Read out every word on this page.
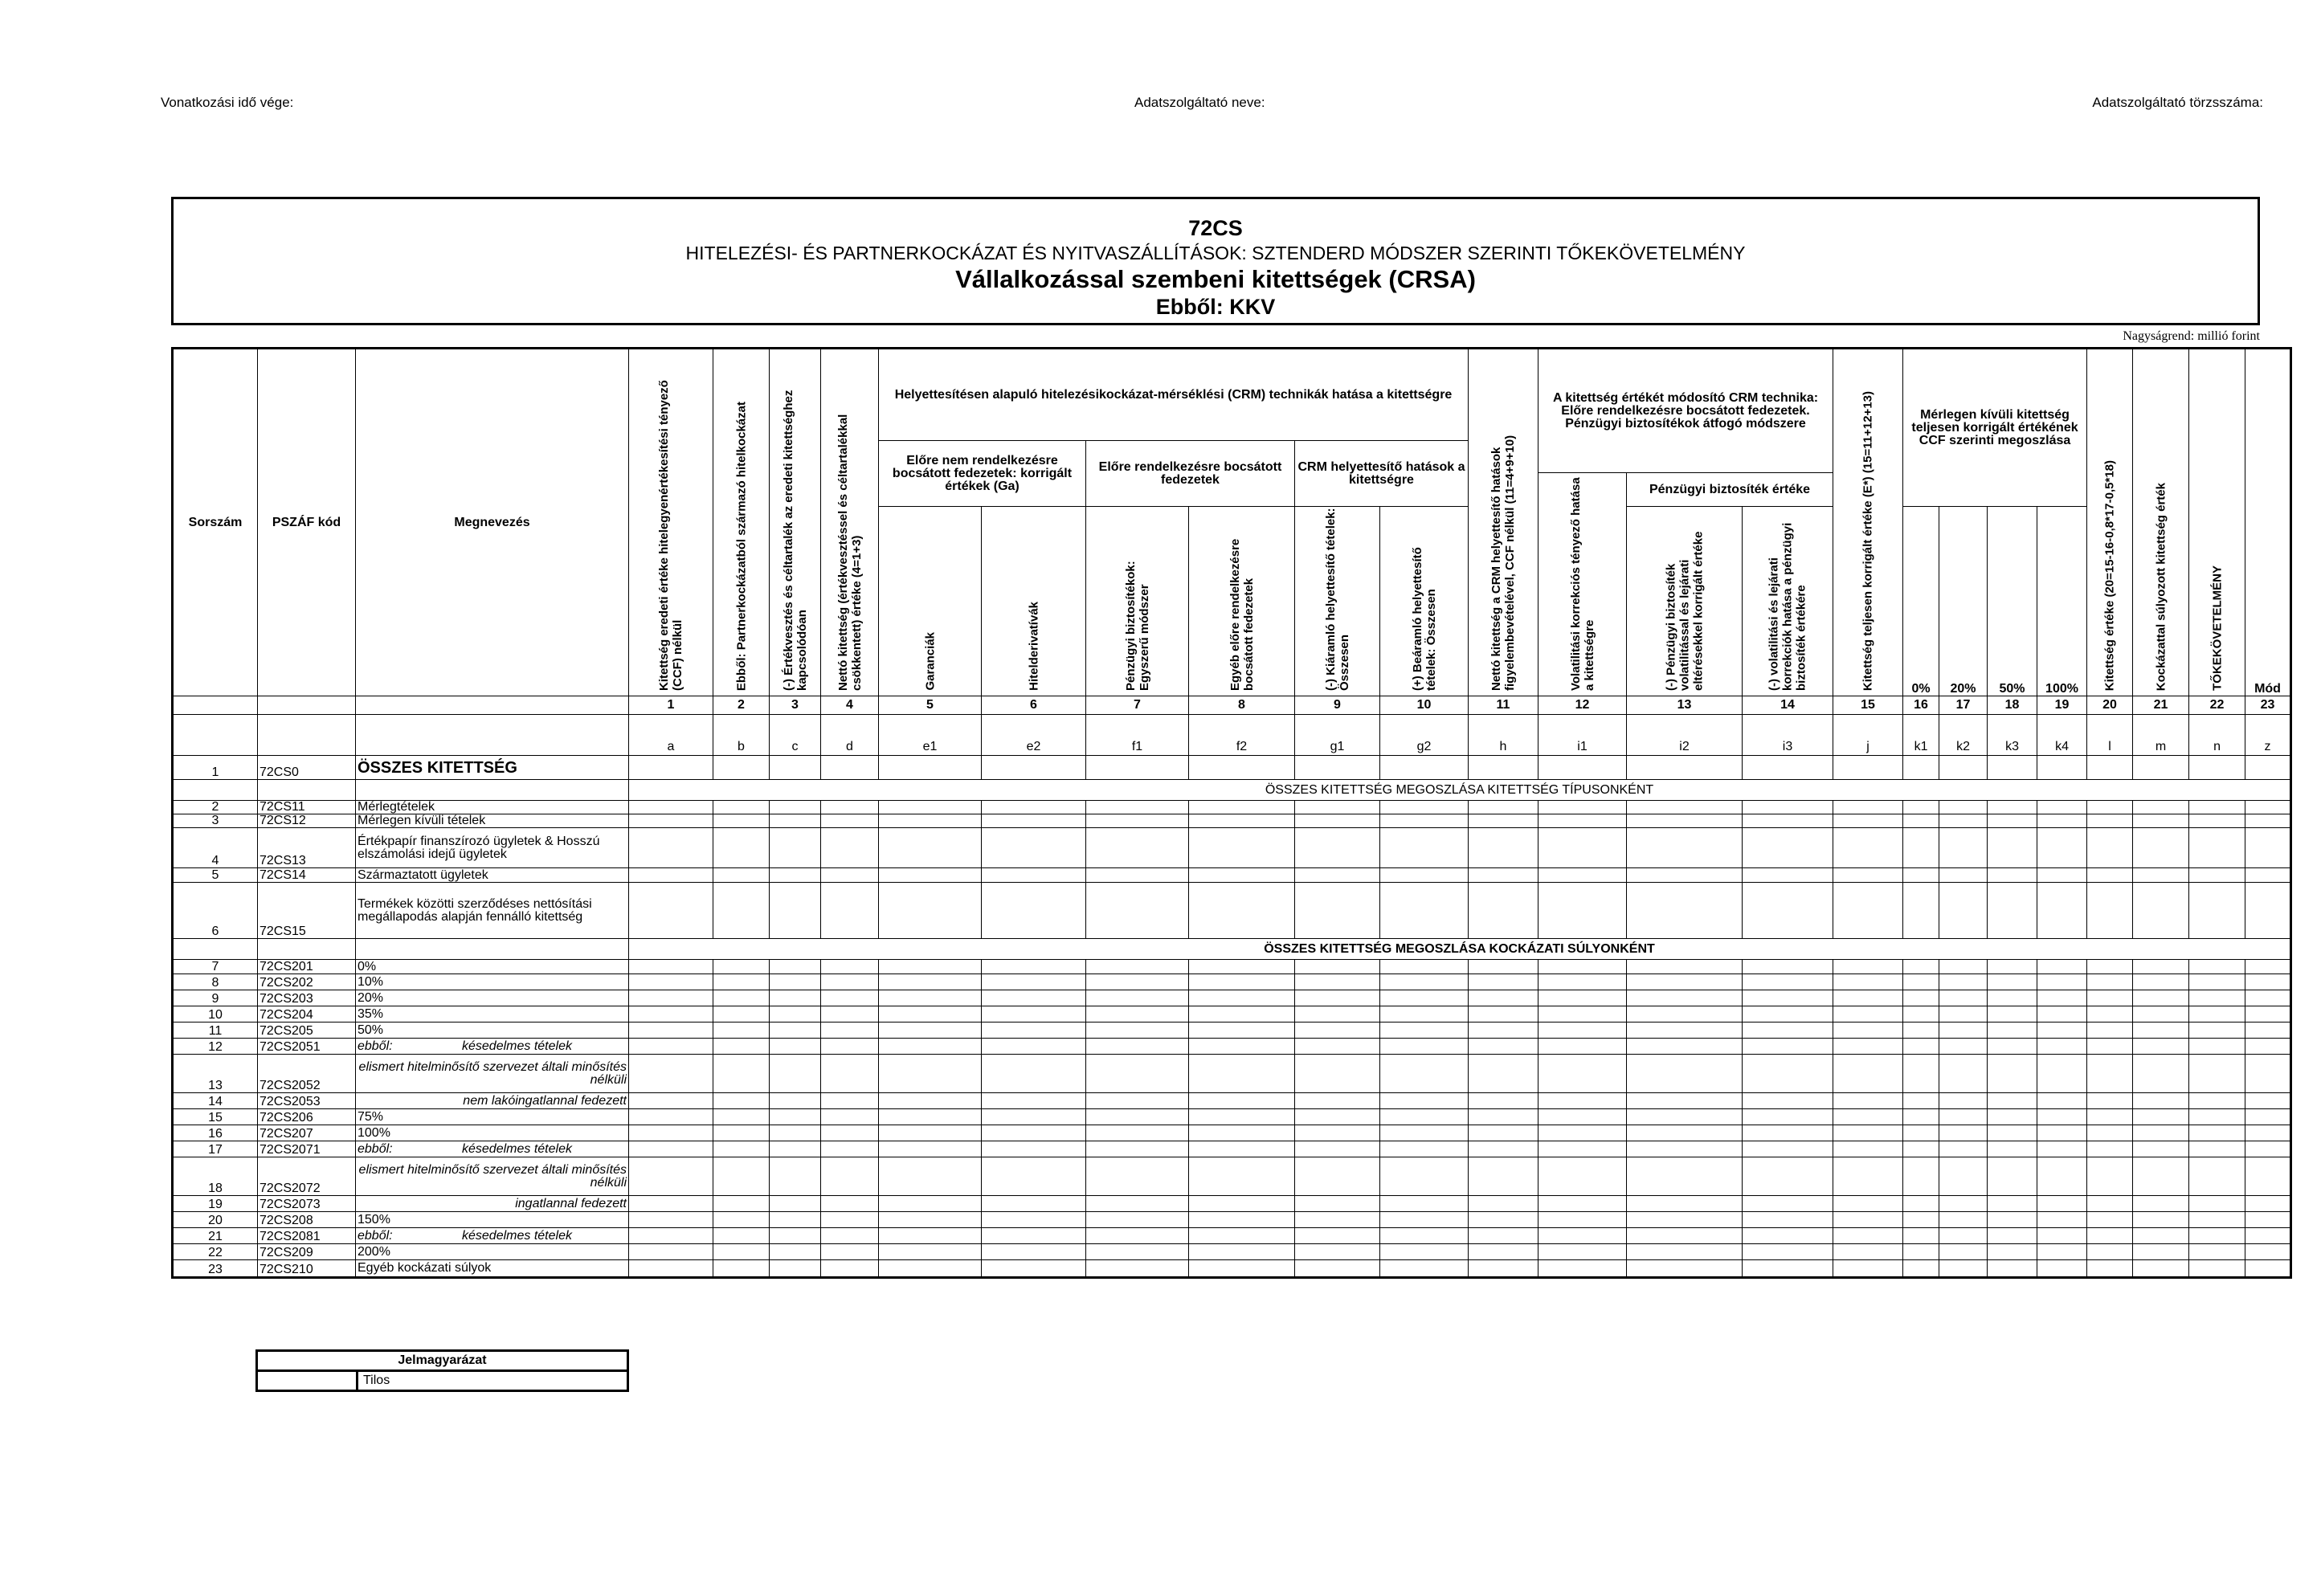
Vonatkozási idő vége:	Adatszolgáltató neve:	Adatszolgáltató törzsszáma:
72CS
HITELEZÉSI- ÉS PARTNERKOCKÁZAT ÉS NYITVASZÁLLÍTÁSOK: SZTENDERD MÓDSZER SZERINTI TŐKEKÖVETELMÉNY
Vállalkozással szembeni kitettségek (CRSA)
Ebből: KKV
Nagyságrend: millió forint
Sorszám	PSZÁF kód	Megnevezés	Kitettség eredeti értéke hitelegyenértékesítési tényező (CCF) nélkül	Ebből: Partnerkockázatból származó hitelkockázat	(-) Értékvesztés és céltartalék az eredeti kitettséghez kapcsolódóan	Nettó kitettség (értékvesztéssel és céltartalékkal csökkentett) értéke (4=1+3)	Helyettesítésen alapuló hitelezésikockázat-mérséklési (CRM) technikák hatása a kitettségre						Nettó kitettség a CRM helyettesítő hatások figyelembevételével, CCF nélkül (11=4+9+10)	A kitettség értékét módosító CRM technika: Előre rendelkezésre bocsátott fedezetek. Pénzügyi biztosítékok átfogó módszere			Kitettség teljesen korrigált értéke (E*) (15=11+12+13)	Mérlegen kívüli kitettség teljesen korrigált értékének CCF szerinti megoszlása				Kitettség értéke (20=15-16-0,8*17-0,5*18)	Kockázattal súlyozott kitettség érték	TŐKEKÖVETELMÉNY	Mód
							Előre nem rendelkezésre bocsátott fedezetek: korrigált értékek (Ga)		Előre rendelkezésre bocsátott fedezetek		CRM helyettesítő hatások a kitettségre														

														Volatilitási korrekciós tényező hatása a kitettségre	Pénzügyi biztosíték értéke										

							Garanciák	Hitelderivatívák	Pénzügyi biztosítékok: Egyszerű módszer	Egyéb előre rendelkezésre bocsátott fedezetek	(-) Kiáramló helyettesítő tételek: Összesen	(+) Beáramló helyettesítő tételek: Összesen			(-) Pénzügyi biztosíték volatilitással és lejárati eltérésekkel korrigált értéke	(-) volatilitási és lejárati korrekciók hatása a pénzügyi biztosíték értékére		0%	20%	50%	100%				
			1	2	3	4	5	6	7	8	9	10	11	12	13	14	15	16	17	18	19	20	21	22	23
			a	b	c	d	e1	e2	f1	f2	g1	g2	h	i1	i2	i3	j	k1	k2	k3	k4	l	m	n	z
1	72CS0	ÖSSZES KITETTSÉG																							
			ÖSSZES KITETTSÉG MEGOSZLÁSA KITETTSÉG TÍPUSONKÉNT																						
2	72CS11	Mérlegtételek																							
3	72CS12	Mérlegen kívüli tételek																							
4	72CS13	Értékpapír finanszírozó ügyletek & Hosszú elszámolási idejű ügyletek																							
5	72CS14	Származtatott ügyletek																							
6	72CS15	Termékek közötti szerződéses nettósítási megállapodás alapján fennálló kitettség																							
			ÖSSZES KITETTSÉG MEGOSZLÁSA KOCKÁZATI SÚLYONKÉNT																						
7	72CS201	0%																							
8	72CS202	10%																							
9	72CS203	20%																							
10	72CS204	35%																							
11	72CS205	50%																							
12	72CS2051	ebből: késedelmes tételek																							
13	72CS2052	elismert hitelminősítő szervezet általi minősítés nélküli																							
14	72CS2053	nem lakóingatlannal fedezett																							
15	72CS206	75%																							
16	72CS207	100%																							
17	72CS2071	ebből: késedelmes tételek																							
18	72CS2072	elismert hitelminősítő szervezet általi minősítés nélküli																							
19	72CS2073	ingatlannal fedezett																							
20	72CS208	150%																							
21	72CS2081	ebből: késedelmes tételek																							
22	72CS209	200%																							
23	72CS210	Egyéb kockázati súlyok																							
Jelmagyarázat
	Tilos
